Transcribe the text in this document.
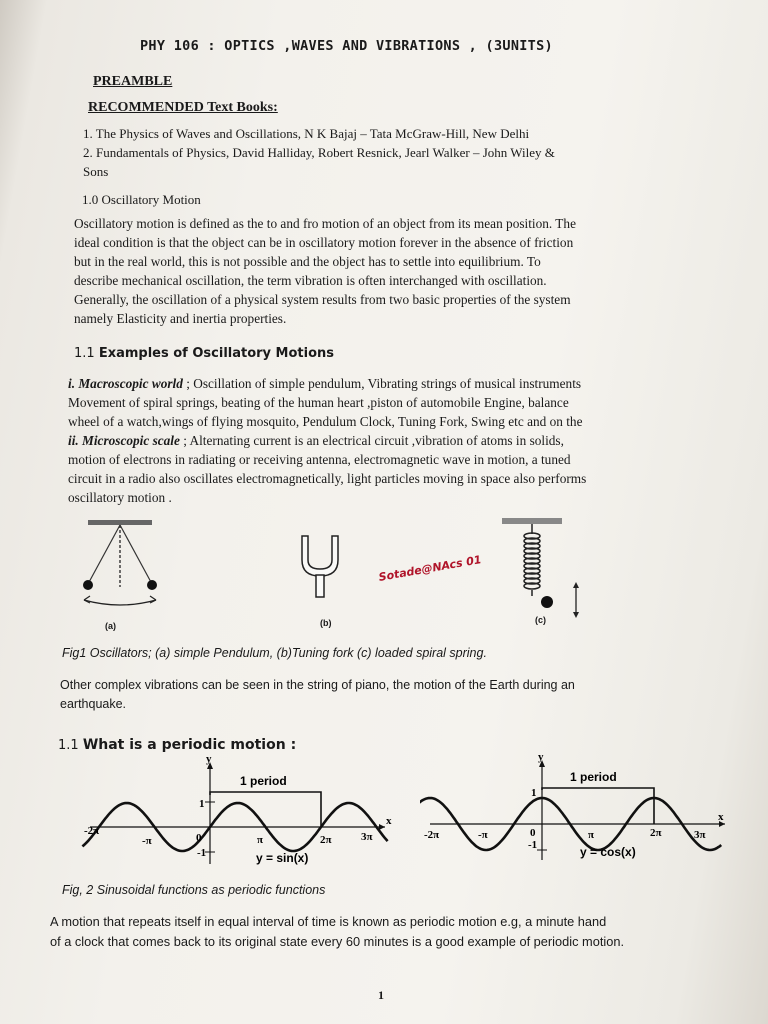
PHY 106 : OPTICS ,WAVES AND VIBRATIONS , (3UNITS)
PREAMBLE
RECOMMENDED Text Books:
1. The Physics of Waves and Oscillations, N K Bajaj – Tata McGraw-Hill, New Delhi
2. Fundamentals of Physics, David Halliday, Robert Resnick, Jearl Walker – John Wiley &
Sons
1.0 Oscillatory Motion
Oscillatory motion is defined as the to and fro motion of an object from its mean position. The
ideal condition is that the object can be in oscillatory motion forever in the absence of friction
but in the real world, this is not possible and the object has to settle into equilibrium. To
describe mechanical oscillation, the term vibration is often interchanged with oscillation.
Generally, the oscillation of a physical system results from two basic properties of the system
namely Elasticity and inertia properties.
1.1 Examples of Oscillatory Motions
i. Macroscopic world ; Oscillation of simple pendulum, Vibrating strings of musical instruments
Movement of spiral springs, beating of the human heart ,piston of automobile Engine, balance
wheel of a watch,wings of flying mosquito, Pendulum Clock, Tuning Fork, Swing etc and on the
ii. Microscopic scale ; Alternating current is an electrical circuit ,vibration of atoms in solids,
motion of electrons in radiating or receiving antenna, electromagnetic wave in motion, a tuned
circuit in a radio also oscillates electromagnetically, light particles moving in space also performs
oscillatory motion .
(a)	(b)	(c)
Sotade@NAcs 01
Fig1 Oscillators; (a) simple Pendulum, (b)Tuning fork (c) loaded spiral spring.
Other complex vibrations can be seen in the string of piano, the motion of the Earth during an
earthquake.
1.1 What is a periodic motion :
-2π
-π	0	π	2π	3π
1
-1
y
x
1 period
y = sin(x)
-2π	-π	0	π	2π	3π
1
-1
y
x
1 period
y = cos(x)
Fig, 2 Sinusoidal functions as periodic functions
A motion that repeats itself in equal interval of time is known as periodic motion e.g, a minute hand
of a clock that comes back to its original state every 60 minutes is a good example of periodic motion.
1
